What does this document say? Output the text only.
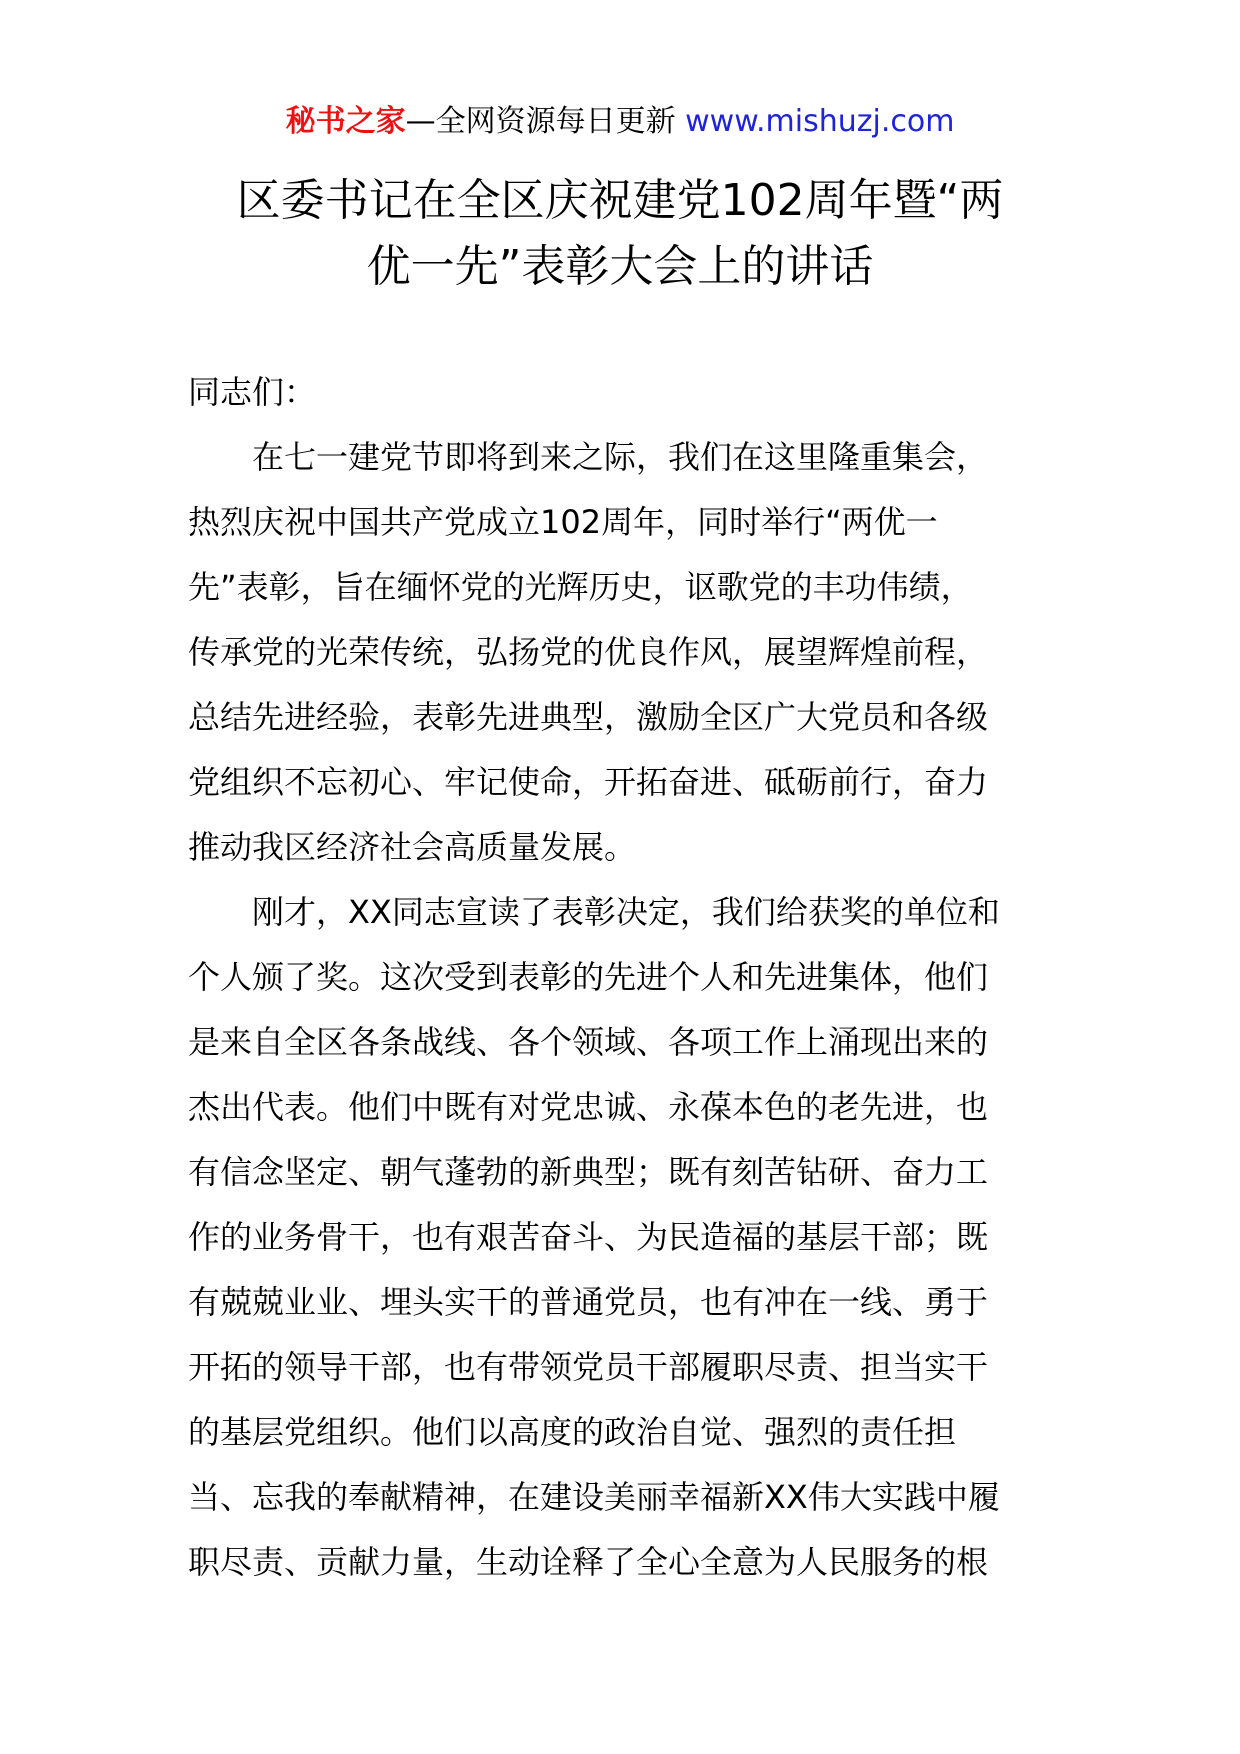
秘书之家—全网资源每日更新 www.mishuzj.com
区委书记在全区庆祝建党102周年暨“两
优一先”表彰大会上的讲话
同志们：
　　在七一建党节即将到来之际，我们在这里隆重集会，
热烈庆祝中国共产党成立102周年，同时举行“两优一
先”表彰，旨在缅怀党的光辉历史，讴歌党的丰功伟绩，
传承党的光荣传统，弘扬党的优良作风，展望辉煌前程，
总结先进经验，表彰先进典型，激励全区广大党员和各级
党组织不忘初心、牢记使命，开拓奋进、砥砺前行，奋力
推动我区经济社会高质量发展。
　　刚才，XX同志宣读了表彰决定，我们给获奖的单位和
个人颁了奖。这次受到表彰的先进个人和先进集体，他们
是来自全区各条战线、各个领域、各项工作上涌现出来的
杰出代表。他们中既有对党忠诚、永葆本色的老先进，也
有信念坚定、朝气蓬勃的新典型；既有刻苦钻研、奋力工
作的业务骨干，也有艰苦奋斗、为民造福的基层干部；既
有兢兢业业、埋头实干的普通党员，也有冲在一线、勇于
开拓的领导干部，也有带领党员干部履职尽责、担当实干
的基层党组织。他们以高度的政治自觉、强烈的责任担
当、忘我的奉献精神，在建设美丽幸福新XX伟大实践中履
职尽责、贡献力量，生动诠释了全心全意为人民服务的根
